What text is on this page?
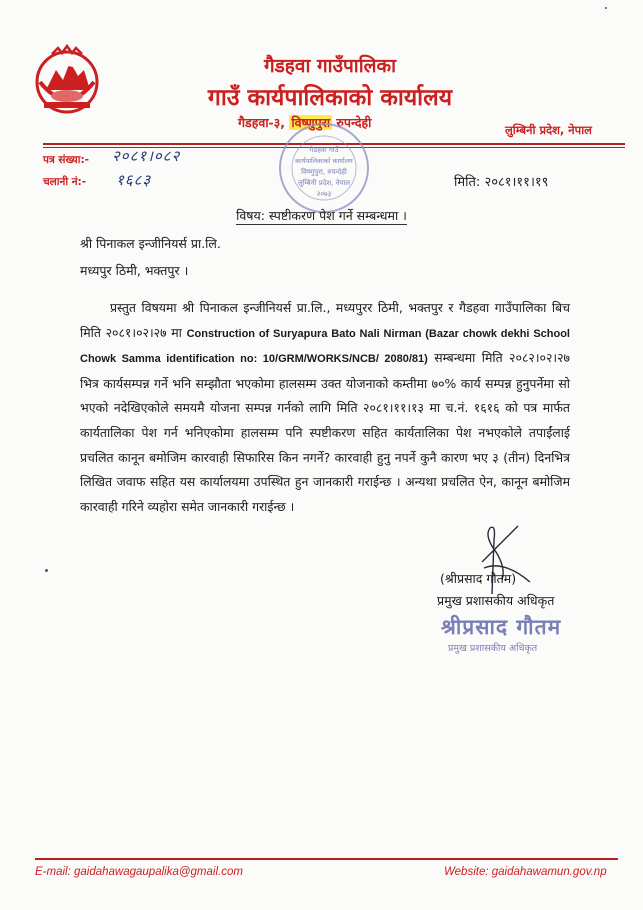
गैडहवा गाउँपालिका
गाउँ कार्यपालिकाको कार्यालय
गैडहवा-३, विष्णुपुरा रुपन्देही	लुम्बिनी प्रदेश, नेपाल
पत्र संख्या:- २०८१।०८२
चलानी नं:- १६८३
गैडहवा गाउँ
कार्यपालिकाको कार्यालय
विष्णुपुरा, रुपन्देही
लुम्बिनी प्रदेश, नेपाल
२०७३
मिति: २०८१।११।१९
विषय: स्पष्टीकरण पेश गर्ने सम्बन्धमा ।
श्री पिनाकल इन्जीनियर्स प्रा.लि.
मध्यपुर ठिमी, भक्तपुर ।
प्रस्तुत विषयमा श्री पिनाकल इन्जीनियर्स प्रा.लि., मध्यपुरर ठिमी, भक्तपुर र गैडहवा गाउँपालिका बिच मिति २०८१।०२।२७ मा Construction of Suryapura Bato Nali Nirman (Bazar chowk dekhi School Chowk Samma identification no: 10/GRM/WORKS/NCB/ 2080/81) सम्बन्धमा मिति २०८२।०२।२७ भित्र कार्यसम्पन्न गर्ने भनि सम्झौता भएकोमा हालसम्म उक्त योजनाको कम्तीमा ७०% कार्य सम्पन्न हुनुपर्नेमा सो भएको नदेखिएकोले समयमै योजना सम्पन्न गर्नको लागि मिति २०८१।११।१३ मा च.नं. १६१६ को पत्र मार्फत कार्यतालिका पेश गर्न भनिएकोमा हालसम्म पनि स्पष्टीकरण सहित कार्यतालिका पेश नभएकोले तपाईंलाई प्रचलित कानून बमोजिम कारवाही सिफारिस किन नगर्ने? कारवाही हुनु नपर्ने कुनै कारण भए ३ (तीन) दिनभित्र लिखित जवाफ सहित यस कार्यालयमा उपस्थित हुन जानकारी गराईन्छ । अन्यथा प्रचलित ऐन, कानून बमोजिम कारवाही गरिने व्यहोरा समेत जानकारी गराईन्छ ।
(श्रीप्रसाद गौतम)
प्रमुख प्रशासकीय अधिकृत
श्रीप्रसाद गौतम
प्रमुख प्रशासकीय अधिकृत
E-mail: gaidahawagaupalika@gmail.com	Website: gaidahawamun.gov.np
